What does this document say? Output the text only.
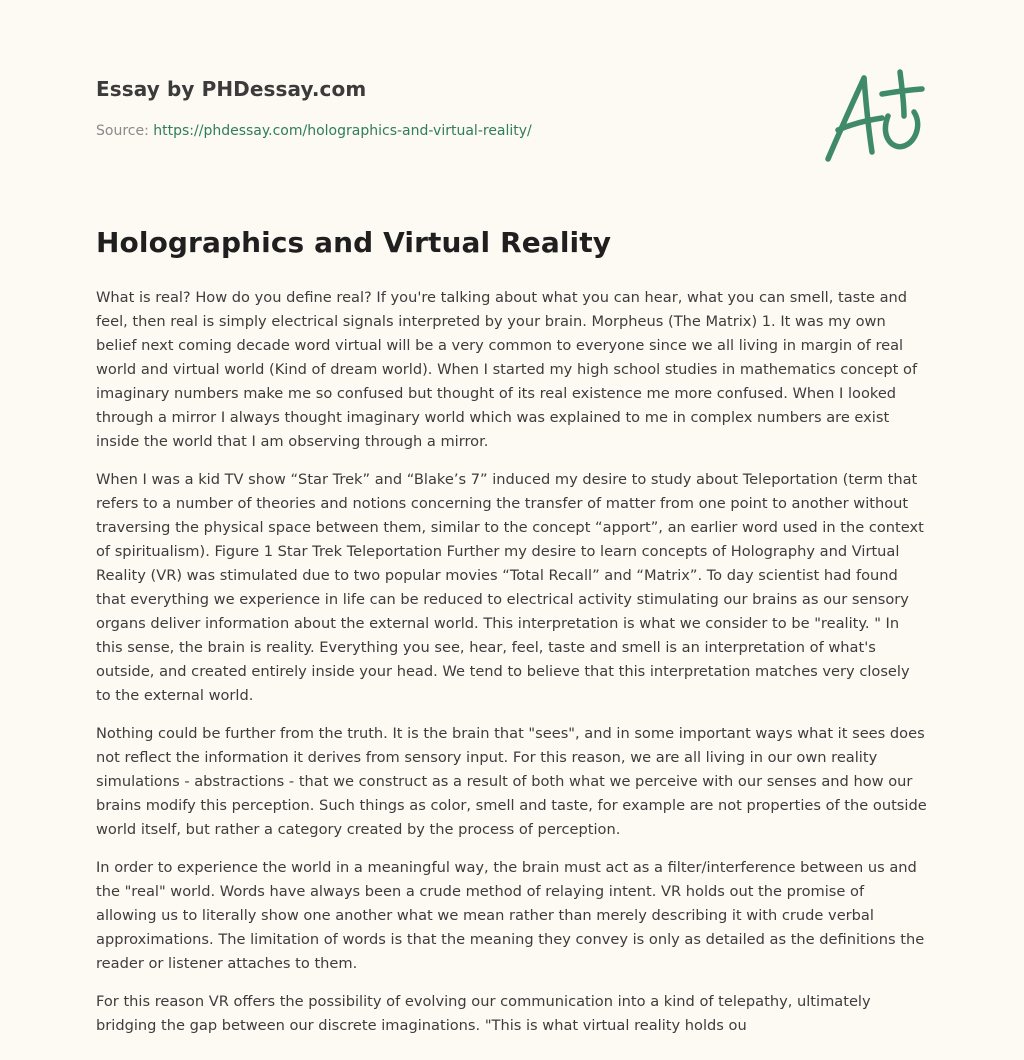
Essay by PHDessay.com
Source: https://phdessay.com/holographics-and-virtual-reality/
Holographics and Virtual Reality

What is real? How do you define real? If you're talking about what you can hear, what you can smell, taste and feel, then real is simply electrical signals interpreted by your brain. Morpheus (The Matrix) 1. It was my own belief next coming decade word virtual will be a very common to everyone since we all living in margin of real world and virtual world (Kind of dream world). When I started my high school studies in mathematics concept of imaginary numbers make me so confused but thought of its real existence me more confused. When I looked through a mirror I always thought imaginary world which was explained to me in complex numbers are exist inside the world that I am observing through a mirror.

When I was a kid TV show “Star Trek” and “Blake’s 7” induced my desire to study about Teleportation (term that refers to a number of theories and notions concerning the transfer of matter from one point to another without traversing the physical space between them, similar to the concept “apport”, an earlier word used in the context of spiritualism). Figure 1 Star Trek Teleportation Further my desire to learn concepts of Holography and Virtual Reality (VR) was stimulated due to two popular movies “Total Recall” and “Matrix”. To day scientist had found that everything we experience in life can be reduced to electrical activity stimulating our brains as our sensory organs deliver information about the external world. This interpretation is what we consider to be "reality. " In this sense, the brain is reality. Everything you see, hear, feel, taste and smell is an interpretation of what's outside, and created entirely inside your head. We tend to believe that this interpretation matches very closely to the external world.

Nothing could be further from the truth. It is the brain that "sees", and in some important ways what it sees does not reflect the information it derives from sensory input. For this reason, we are all living in our own reality simulations - abstractions - that we construct as a result of both what we perceive with our senses and how our brains modify this perception. Such things as color, smell and taste, for example are not properties of the outside world itself, but rather a category created by the process of perception.

In order to experience the world in a meaningful way, the brain must act as a filter/interference between us and the "real" world. Words have always been a crude method of relaying intent. VR holds out the promise of allowing us to literally show one another what we mean rather than merely describing it with crude verbal approximations. The limitation of words is that the meaning they convey is only as detailed as the definitions the reader or listener attaches to them.

For this reason VR offers the possibility of evolving our communication into a kind of telepathy, ultimately bridging the gap between our discrete imaginations. "This is what virtual reality holds ou
